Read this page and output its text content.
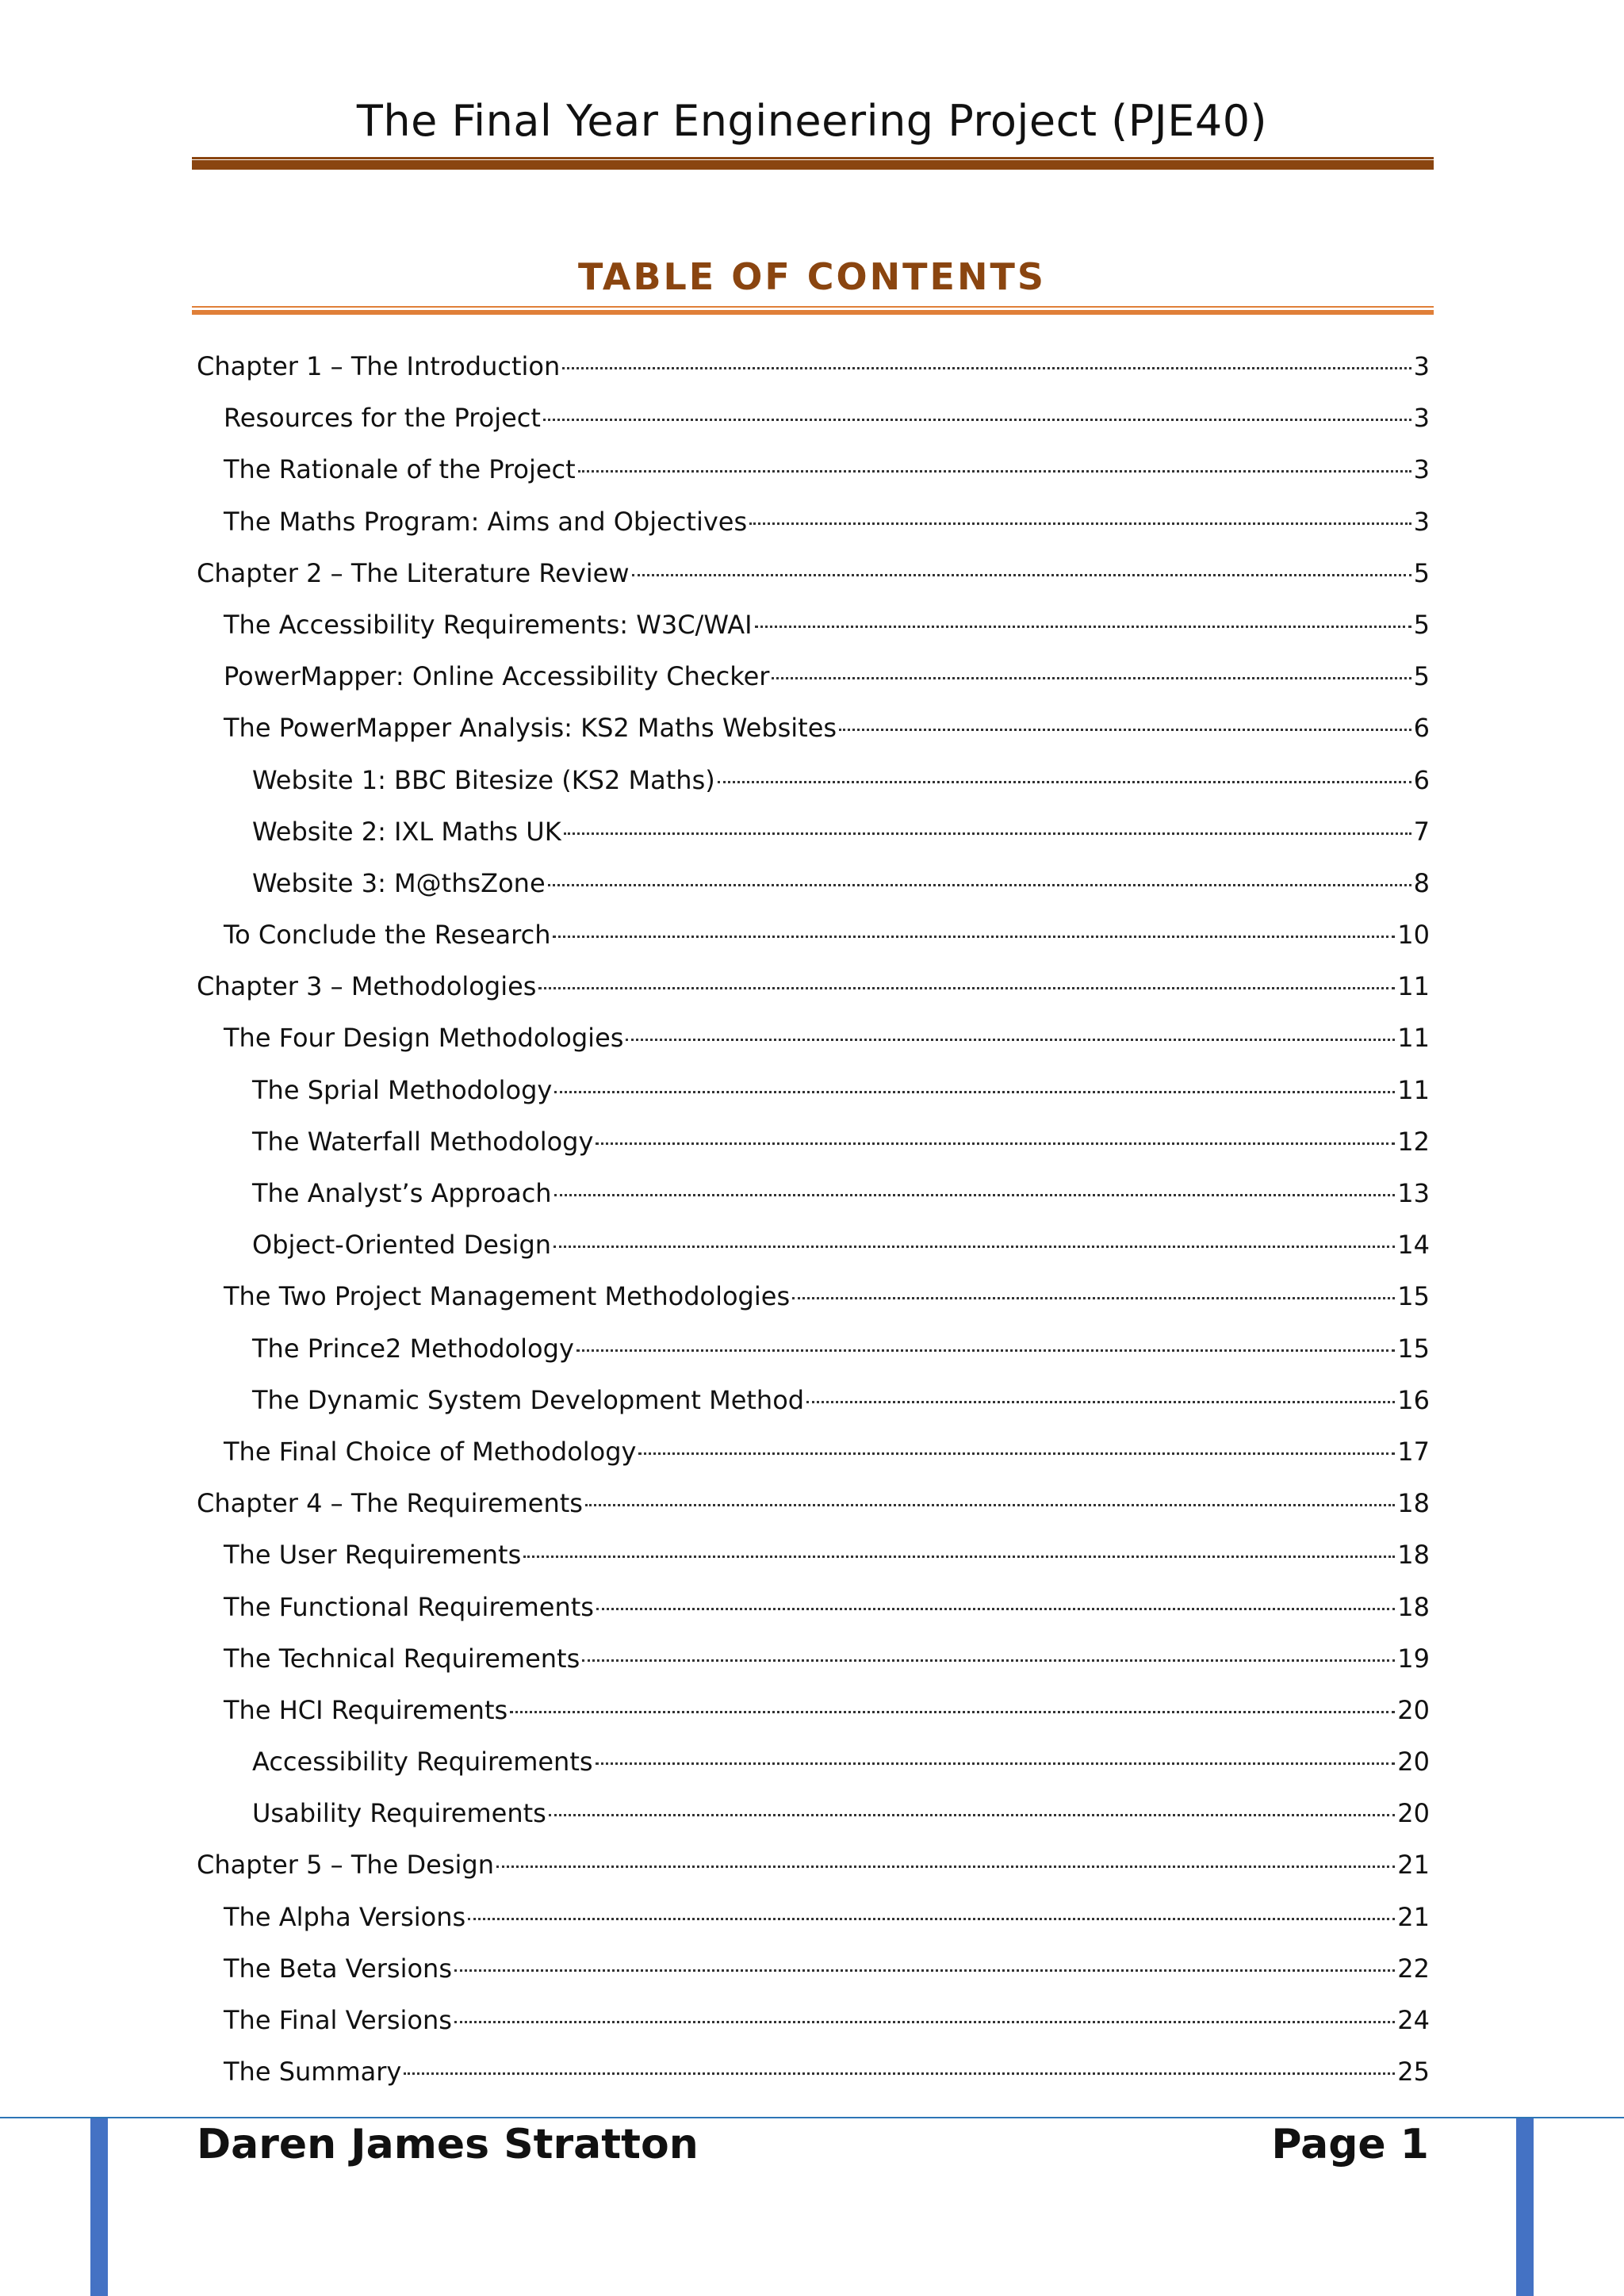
The Final Year Engineering Project (PJE40)
TABLE OF CONTENTS
Chapter 1 – The Introduction	3
Resources for the Project	3
The Rationale of the Project	3
The Maths Program: Aims and Objectives	3
Chapter 2 – The Literature Review	5
The Accessibility Requirements: W3C/WAI	5
PowerMapper: Online Accessibility Checker	5
The PowerMapper Analysis: KS2 Maths Websites	6
Website 1: BBC Bitesize (KS2 Maths)	6
Website 2: IXL Maths UK	7
Website 3: M@thsZone	8
To Conclude the Research	10
Chapter 3 – Methodologies	11
The Four Design Methodologies	11
The Sprial Methodology	11
The Waterfall Methodology	12
The Analyst’s Approach	13
Object-Oriented Design	14
The Two Project Management Methodologies	15
The Prince2 Methodology	15
The Dynamic System Development Method	16
The Final Choice of Methodology	17
Chapter 4 – The Requirements	18
The User Requirements	18
The Functional Requirements	18
The Technical Requirements	19
The HCI Requirements	20
Accessibility Requirements	20
Usability Requirements	20
Chapter 5 – The Design	21
The Alpha Versions	21
The Beta Versions	22
The Final Versions	24
The Summary	25
Daren James Stratton	Page 1
